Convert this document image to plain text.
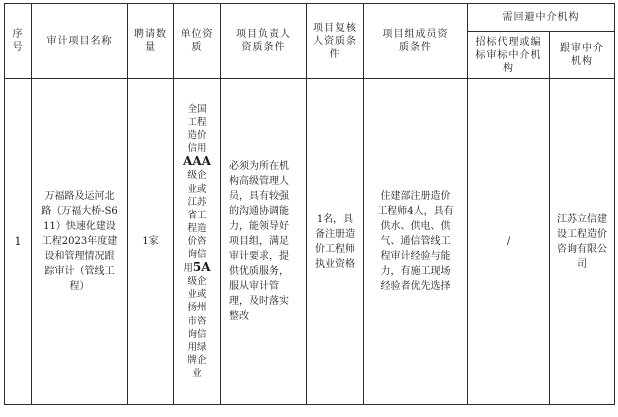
序号	审计项目名称	聘请数量	单位资质	项目负责人资质条件	项目复核人资质条件	项目组成员资质条件	需回避中介机构	
							招标代理或编标审标中介机构	跟审中介机构
1	万福路及运河北路（万福大桥-S611）快速化建设工程2023年度建设和管理情况跟踪审计（管线工程）	1家	全国工程造价信用AAA级企业或江苏省工程造价咨询信用5A级企业或扬州市咨询信用绿牌企业	必须为所在机构高级管理人员，具有较强的沟通协调能力，能领导好项目组，满足审计要求，提供优质服务，服从审计管理，及时落实整改	1名，具备注册造价工程师执业资格	住建部注册造价工程师4人，具有供水、供电、供气、通信管线工程审计经验与能力，有施工现场经验者优先选择	/	江苏立信建设工程造价咨询有限公司
